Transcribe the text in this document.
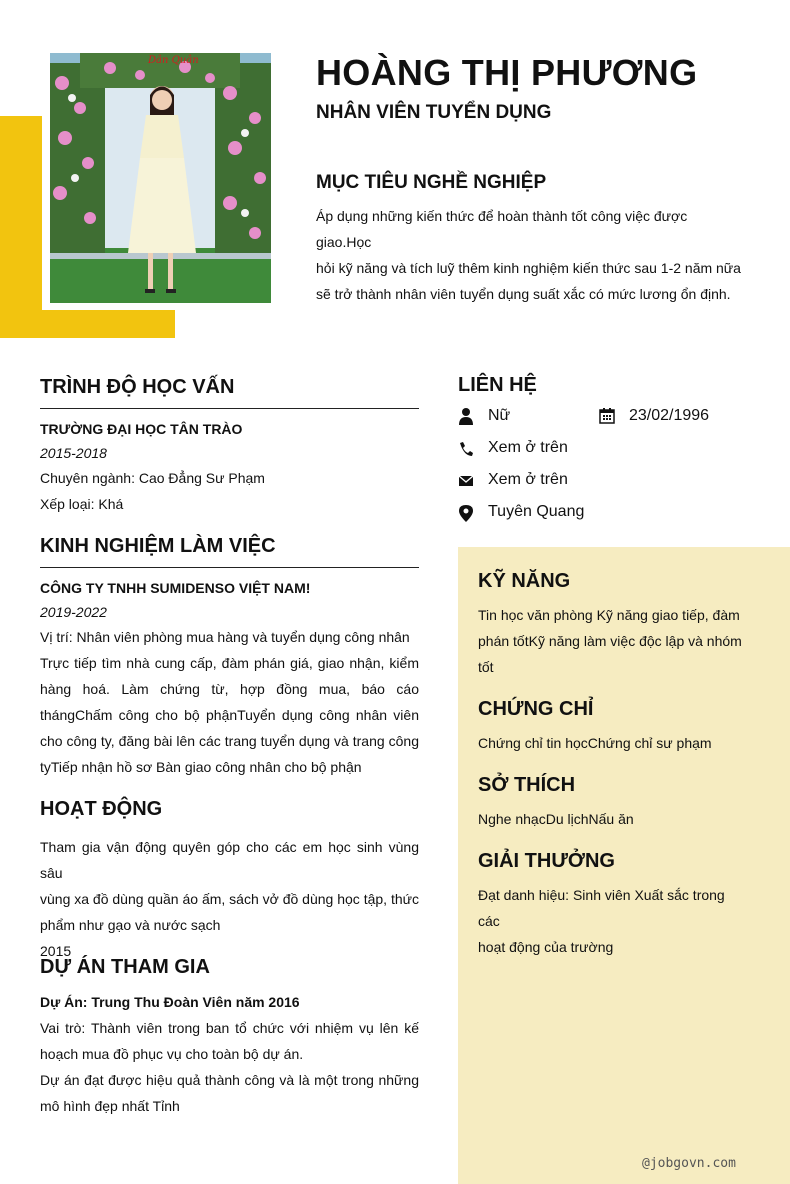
Dân Quân	HOÀNG THỊ PHƯƠNG
NHÂN VIÊN TUYỂN DỤNG
MỤC TIÊU NGHỀ NGHIỆP
Áp dụng những kiến thức để hoàn thành tốt công việc được giao.Học
hỏi kỹ năng và tích luỹ thêm kinh nghiệm kiến thức sau 1-2 năm nữa
sẽ trở thành nhân viên tuyển dụng suất xắc có mức lương ổn định.
TRÌNH ĐỘ HỌC VẤN
TRƯỜNG ĐẠI HỌC TÂN TRÀO
2015-2018
Chuyên ngành: Cao Đẳng Sư Phạm
Xếp loại: Khá
KINH NGHIỆM LÀM VIỆC
CÔNG TY TNHH SUMIDENSO VIỆT NAM!
2019-2022
Vị trí: Nhân viên phòng mua hàng và tuyển dụng công nhân
Trực tiếp tìm nhà cung cấp, đàm phán giá, giao nhận, kiểm
hàng hoá. Làm chứng từ, hợp đồng mua, báo cáo
thángChấm công cho bộ phậnTuyển dụng công nhân viên
cho công ty, đăng bài lên các trang tuyển dụng và trang công
tyTiếp nhận hồ sơ Bàn giao công nhân cho bộ phận
HOẠT ĐỘNG
Tham gia vận động quyên góp cho các em học sinh vùng sâu
vùng xa đồ dùng quần áo ấm, sách vở đồ dùng học tập, thức
phẩm như gạo và nước sạch
2015
DỰ ÁN THAM GIA
Dự Án: Trung Thu Đoàn Viên năm 2016
Vai trò: Thành viên trong ban tổ chức với nhiệm vụ lên kế
hoạch mua đồ phục vụ cho toàn bộ dự án.
Dự án đạt được hiệu quả thành công và là một trong những
mô hình đẹp nhất Tỉnh
LIÊN HỆ
Nữ	23/02/1996
Xem ở trên
Xem ở trên
Tuyên Quang
KỸ NĂNG
Tin học văn phòng Kỹ năng giao tiếp, đàm
phán tốtKỹ năng làm việc độc lập và nhóm
tốt
CHỨNG CHỈ
Chứng chỉ tin họcChứng chỉ sư phạm
SỞ THÍCH
Nghe nhạcDu lịchNấu ăn
GIẢI THƯỞNG
Đạt danh hiệu: Sinh viên Xuất sắc trong các
hoạt động của trường
@jobgovn.com
